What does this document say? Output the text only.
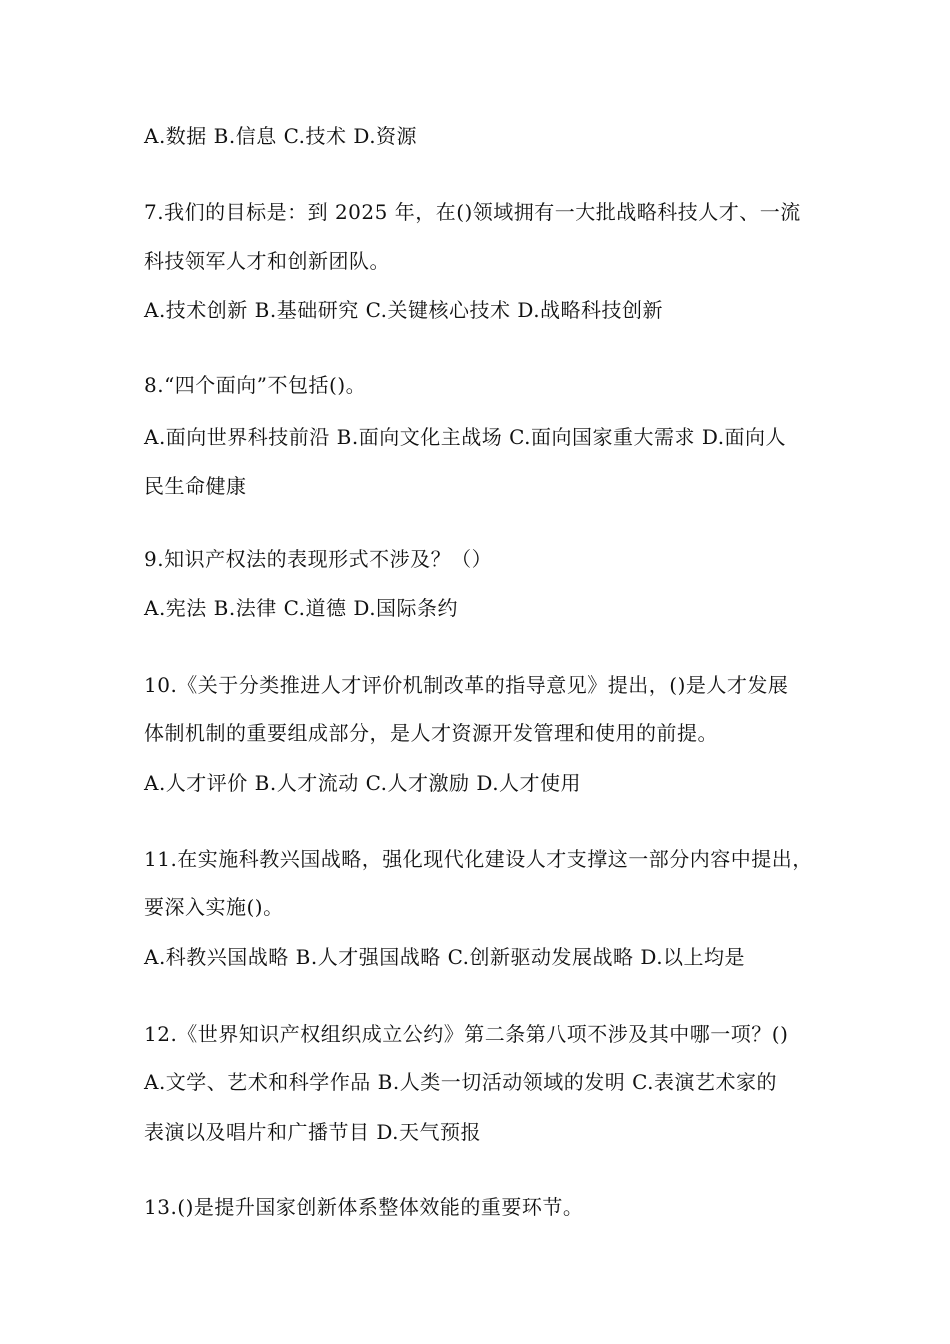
A.数据 B.信息 C.技术 D.资源
7.我们的目标是：到 2025 年，在()领域拥有一大批战略科技人才、一流
科技领军人才和创新团队。
A.技术创新 B.基础研究 C.关键核心技术 D.战略科技创新
8.“四个面向”不包括()。
A.面向世界科技前沿 B.面向文化主战场 C.面向国家重大需求 D.面向人
民生命健康
9.知识产权法的表现形式不涉及？（）
A.宪法 B.法律 C.道德 D.国际条约
10.《关于分类推进人才评价机制改革的指导意见》提出，()是人才发展
体制机制的重要组成部分，是人才资源开发管理和使用的前提。
A.人才评价 B.人才流动 C.人才激励 D.人才使用
11.在实施科教兴国战略，强化现代化建设人才支撑这一部分内容中提出，
要深入实施()。
A.科教兴国战略 B.人才强国战略 C.创新驱动发展战略 D.以上均是
12.《世界知识产权组织成立公约》第二条第八项不涉及其中哪一项？()
A.文学、艺术和科学作品 B.人类一切活动领域的发明 C.表演艺术家的
表演以及唱片和广播节目 D.天气预报
13.()是提升国家创新体系整体效能的重要环节。
